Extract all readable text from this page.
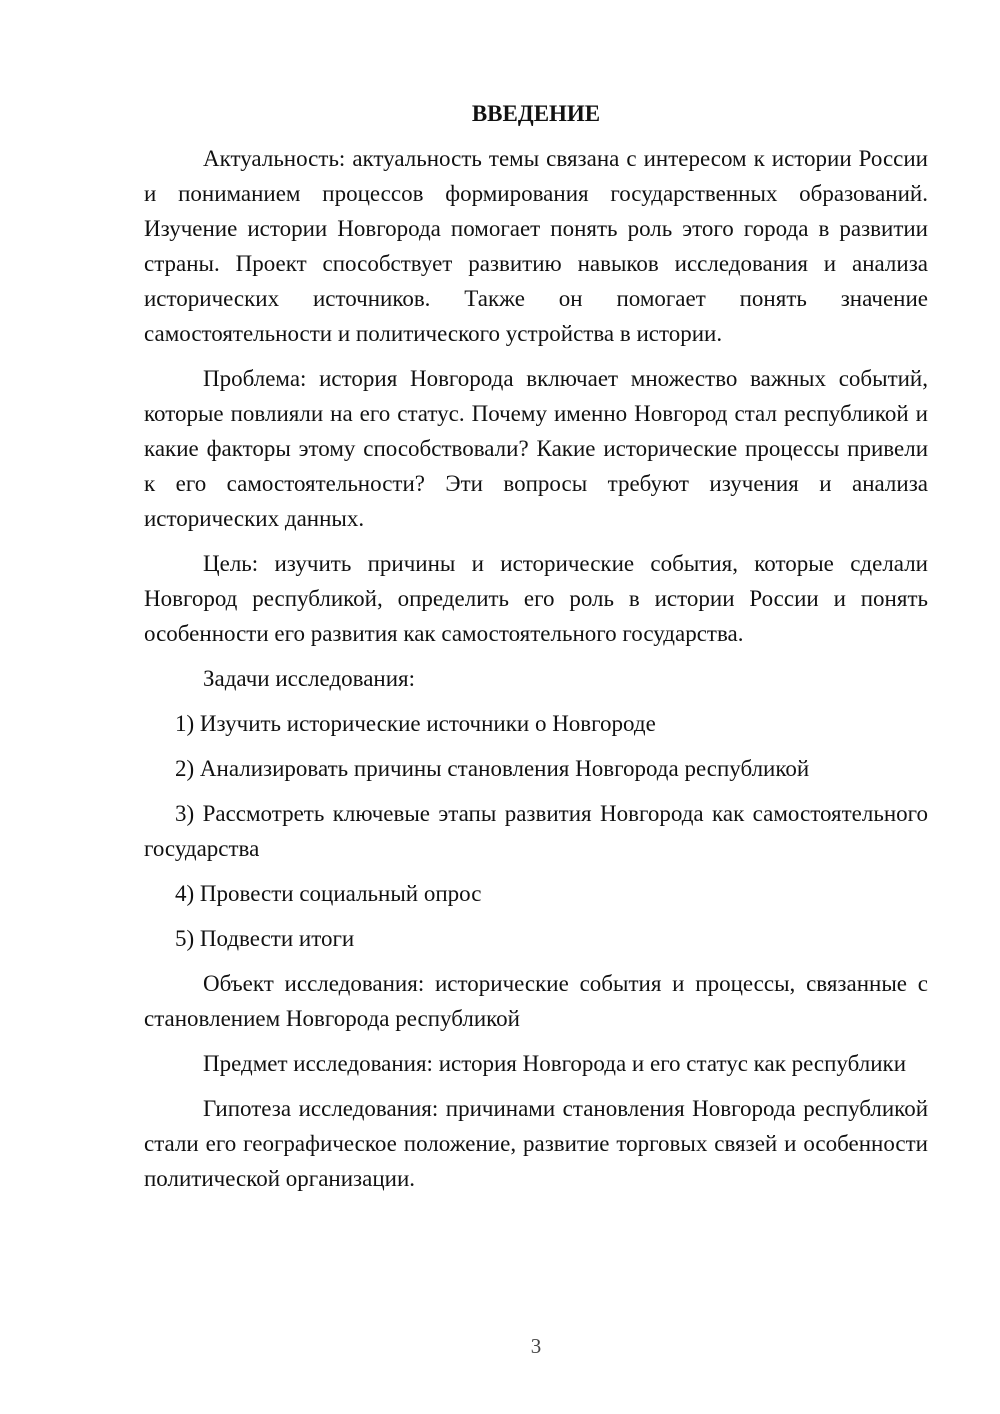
ВВЕДЕНИЕ

Актуальность: актуальность темы связана с интересом к истории России и пониманием процессов формирования государственных образований. Изучение истории Новгорода помогает понять роль этого города в развитии страны. Проект способствует развитию навыков исследования и анализа исторических источников. Также он помогает понять значение самостоятельности и политического устройства в истории.

Проблема: история Новгорода включает множество важных событий, которые повлияли на его статус. Почему именно Новгород стал республикой и какие факторы этому способствовали? Какие исторические процессы привели к его самостоятельности? Эти вопросы требуют изучения и анализа исторических данных.

Цель: изучить причины и исторические события, которые сделали Новгород республикой, определить его роль в истории России и понять особенности его развития как самостоятельного государства.

Задачи исследования:

1) Изучить исторические источники о Новгороде

2) Анализировать причины становления Новгорода республикой

3) Рассмотреть ключевые этапы развития Новгорода как самостоятельного государства

4) Провести социальный опрос

5) Подвести итоги

Объект исследования: исторические события и процессы, связанные с становлением Новгорода республикой

Предмет исследования: история Новгорода и его статус как республики

Гипотеза исследования: причинами становления Новгорода республикой стали его географическое положение, развитие торговых связей и особенности политической организации.

3
